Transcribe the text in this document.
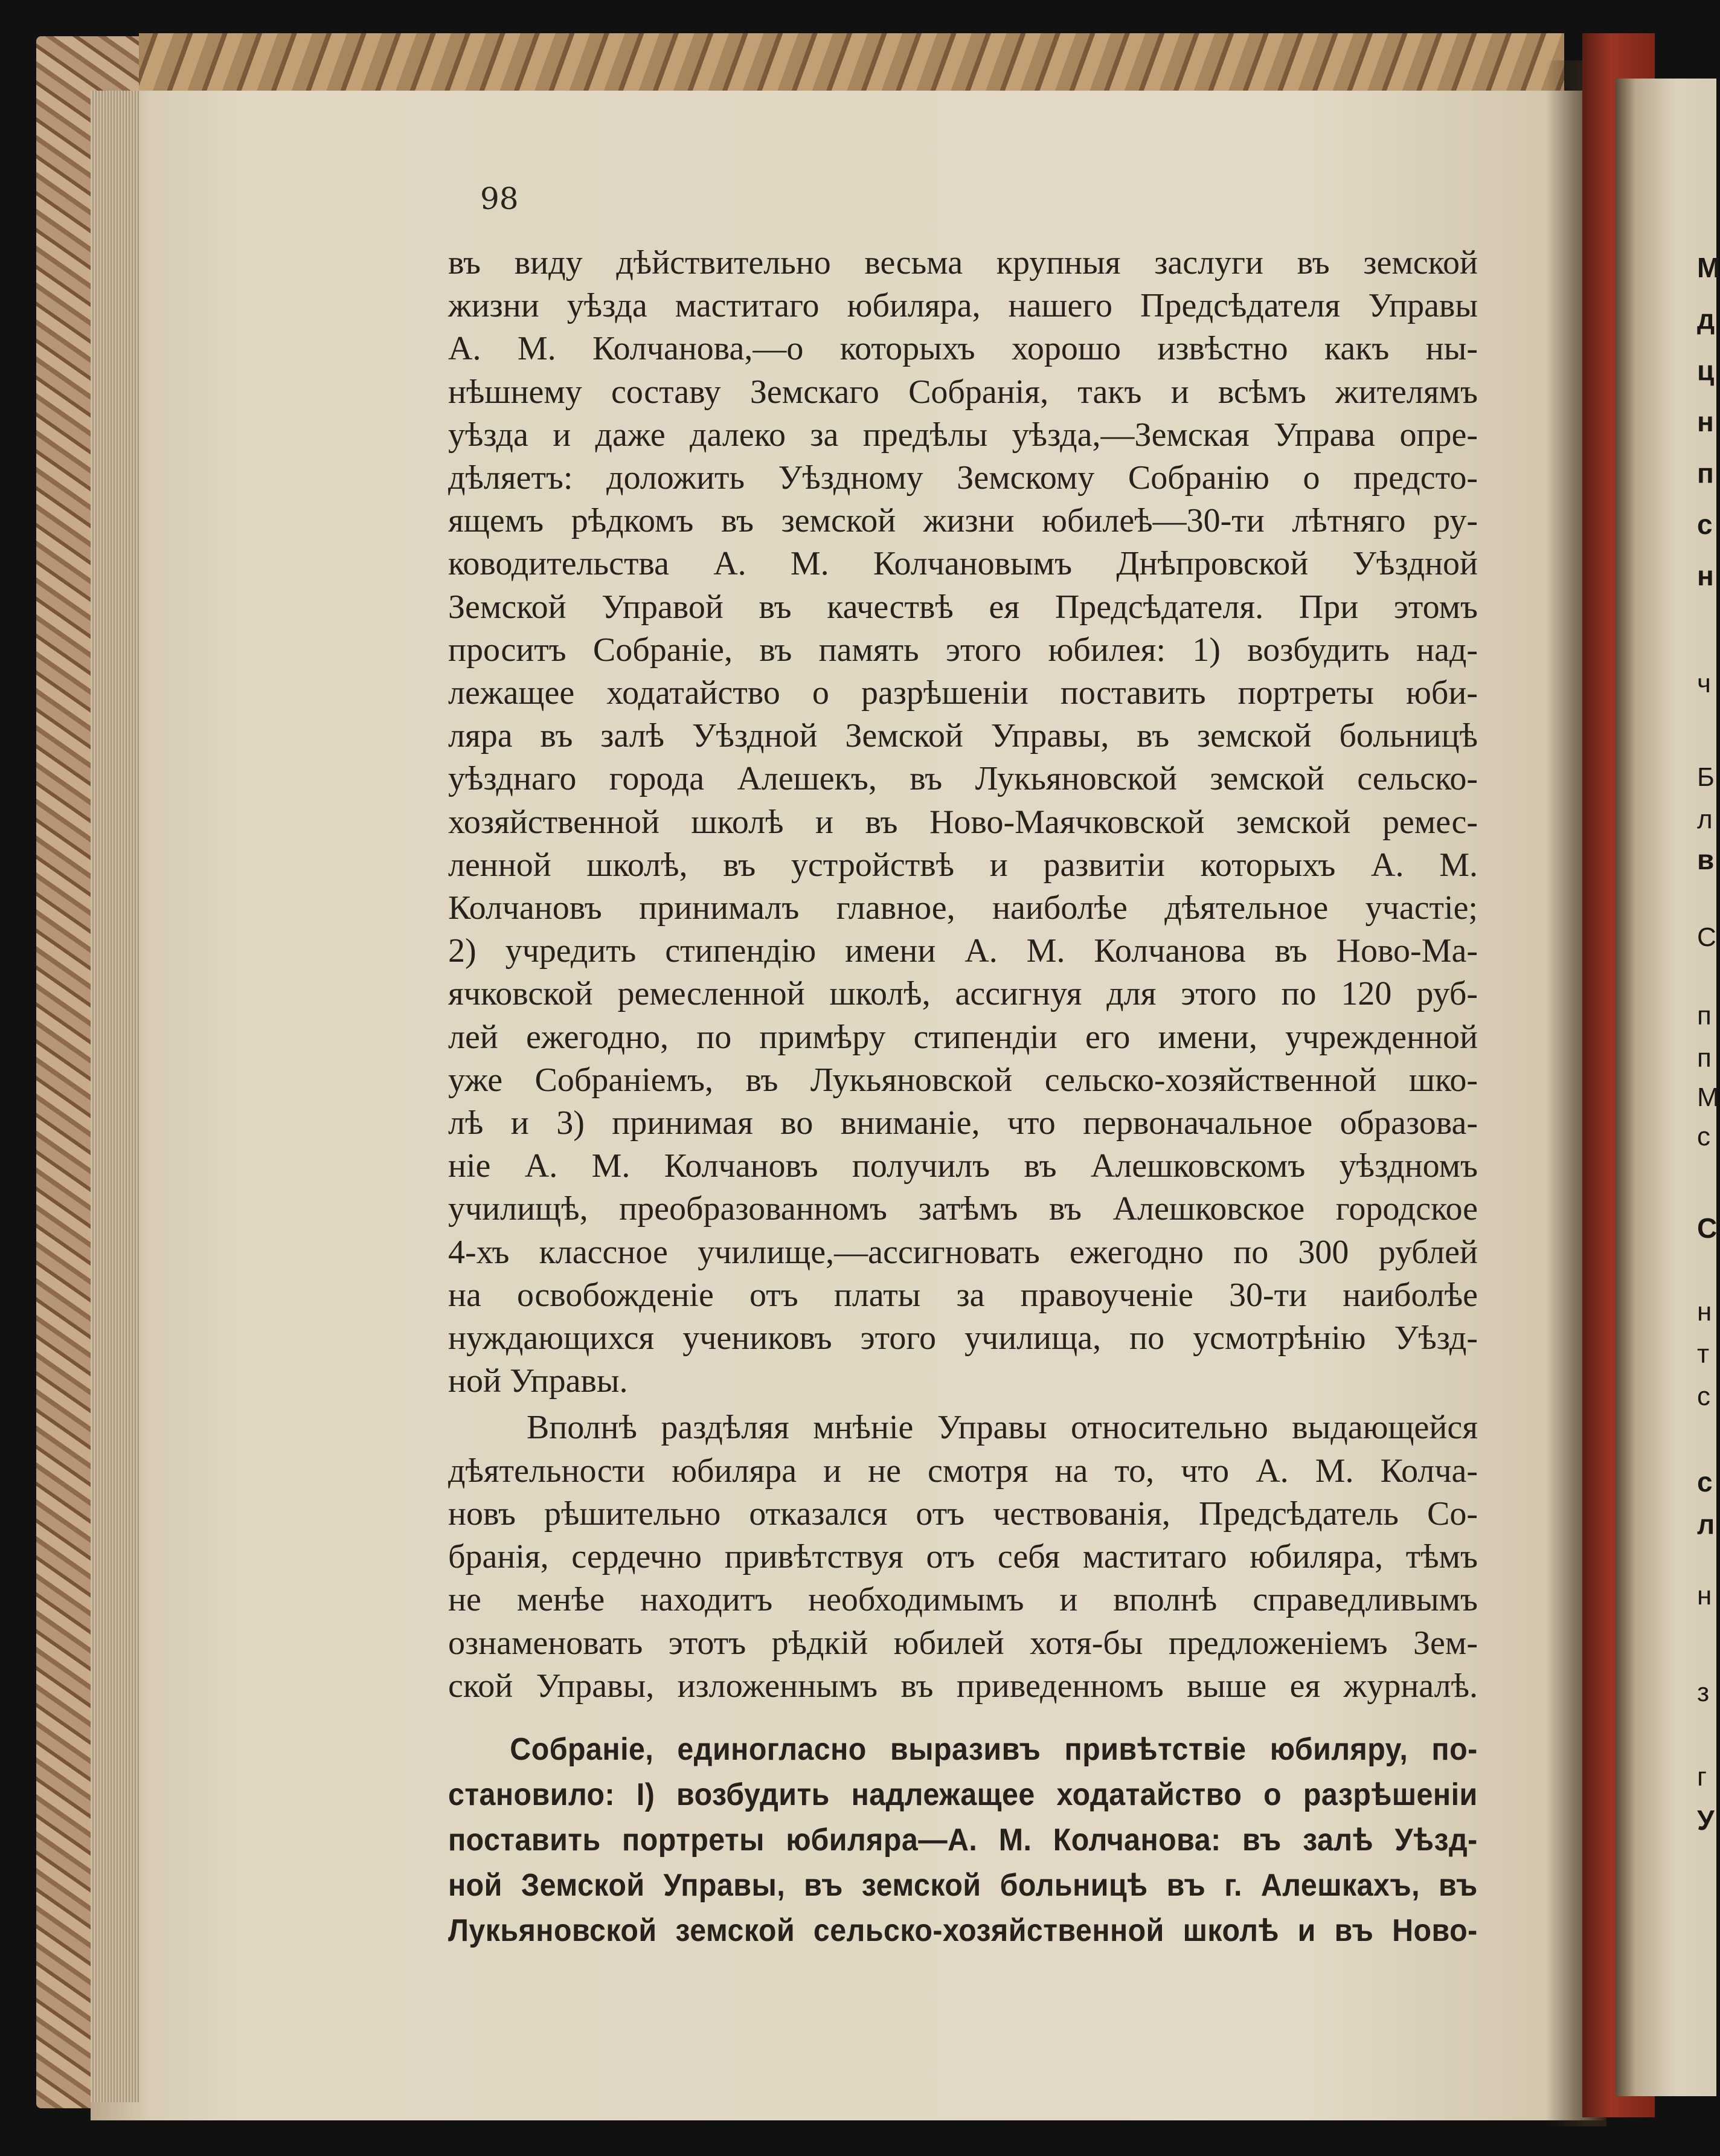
М
д
ц
н
п
с
н
ч
Б
л
в
С
п
п
М
с
С
н
т
с
с
л
н
з
г
У
98

въ виду дѣйствительно весьма крупныя заслуги въ земской
жизни уѣзда маститаго юбиляра, нашего Предсѣдателя Управы
А. М. Колчанова,—о которыхъ хорошо извѣстно какъ ны-
нѣшнему составу Земскаго Собранія, такъ и всѣмъ жителямъ
уѣзда и даже далеко за предѣлы уѣзда,—Земская Управа опре-
дѣляетъ: доложить Уѣздному Земскому Собранію о предсто-
ящемъ рѣдкомъ въ земской жизни юбилеѣ—30-ти лѣтняго ру-
ководительства А. М. Колчановымъ Днѣпровской Уѣздной
Земской Управой въ качествѣ ея Предсѣдателя. При этомъ
проситъ Собраніе, въ память этого юбилея: 1) возбудить над-
лежащее ходатайство о разрѣшеніи поставить портреты юби-
ляра въ залѣ Уѣздной Земской Управы, въ земской больницѣ
уѣзднаго города Алешекъ, въ Лукьяновской земской сельско-
хозяйственной школѣ и въ Ново-Маячковской земской ремес-
ленной школѣ, въ устройствѣ и развитіи которыхъ А. М.
Колчановъ принималъ главное, наиболѣе дѣятельное участіе;
2) учредить стипендію имени А. М. Колчанова въ Ново-Ма-
ячковской ремесленной школѣ, ассигнуя для этого по 120 руб-
лей ежегодно, по примѣру стипендіи его имени, учрежденной
уже Собраніемъ, въ Лукьяновской сельско-хозяйственной шко-
лѣ и 3) принимая во вниманіе, что первоначальное образова-
ніе А. М. Колчановъ получилъ въ Алешковскомъ уѣздномъ
училищѣ, преобразованномъ затѣмъ въ Алешковское городское
4-хъ классное училище,—ассигновать ежегодно по 300 рублей
на освобожденіе отъ платы за правоученіе 30-ти наиболѣе
нуждающихся учениковъ этого училища, по усмотрѣнію Уѣзд-
ной Управы.

Вполнѣ раздѣляя мнѣніе Управы относительно выдающейся
дѣятельности юбиляра и не смотря на то, что А. М. Колча-
новъ рѣшительно отказался отъ чествованія, Предсѣдатель Со-
бранія, сердечно привѣтствуя отъ себя маститаго юбиляра, тѣмъ
не менѣе находитъ необходимымъ и вполнѣ справедливымъ
ознаменовать этотъ рѣдкій юбилей хотя-бы предложеніемъ Зем-
ской Управы, изложеннымъ въ приведенномъ выше ея журналѣ.

Собраніе, единогласно выразивъ привѣтствіе юбиляру, по-
становило: I) возбудить надлежащее ходатайство о разрѣшеніи
поставить портреты юбиляра—А. М. Колчанова: въ залѣ Уѣзд-
ной Земской Управы, въ земской больницѣ въ г. Алешкахъ, въ
Лукьяновской земской сельско-хозяйственной школѣ и въ Ново-
